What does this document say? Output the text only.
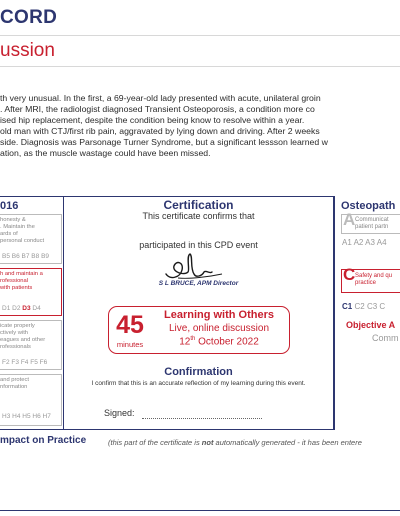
CORD
ussion
th very unusual. In the first, a 69-year-old lady presented with acute, unilateral groin
. After MRI, the radiologist diagnosed Transient Osteoporosis, a condition more co
ised hip replacement, despite the condition being know to resolve within a year.
old man with CTJ/first rib pain, aggravated by lying down and driving. After 2 weeks
side. Diagnosis was Parsonage Turner Syndrome, but a significant lessson learned w
ation, as the muscle wastage could have been missed.
016
honesty &
. Maintain the
ards of
personal conduct
B5 B6 B7 B8 B9
h and maintain a
rofessional
with patients
D1 D2 D3 D4
icate properly
ctively with
eagues and other
rofessionals
F2 F3 F4 F5 F6
and protect
nformation
H3 H4 H5 H6 H7
Certification
This certificate confirms that
participated in this CPD event
S L BRUCE, APM Director
45
minutes
Learning with Others
Live, online discussion
12th October 2022
Confirmation
I confirm that this is an accurate reflection of my learning during this event.
Signed:
Osteopath
A Communicat
patient partn
A1 A2 A3 A4
C Safety and qu
practice
C1 C2 C3 C
Objective A
Comm
mpact on Practice	(this part of the certificate is not automatically generated - it has been entere
